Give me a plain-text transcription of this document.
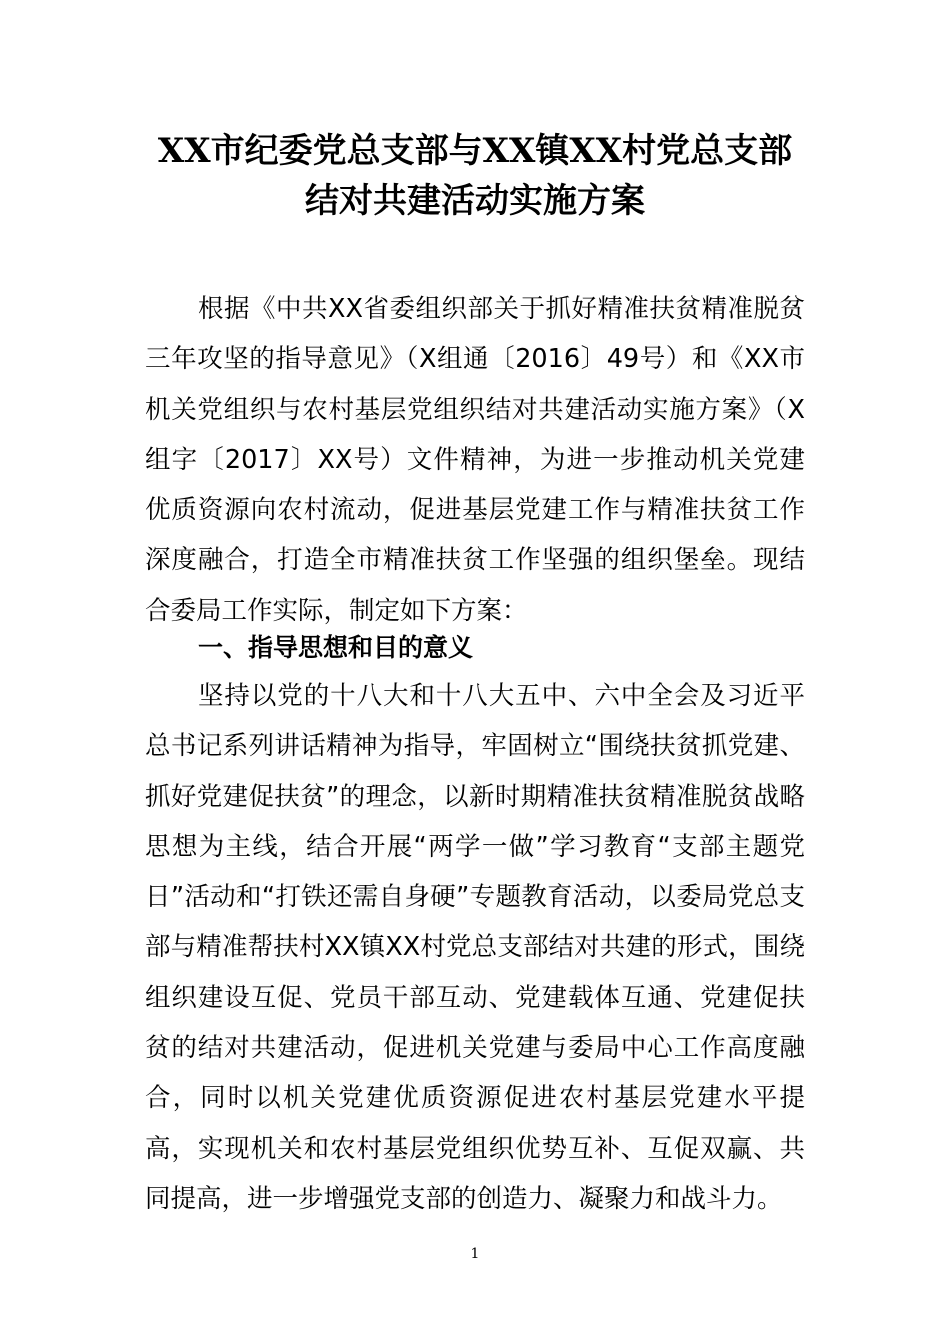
XX市纪委党总支部与XX镇XX村党总支部
结对共建活动实施方案

根据《中共XX省委组织部关于抓好精准扶贫精准脱贫三年攻坚的指导意见》（X组通〔2016〕49号）和《XX市机关党组织与农村基层党组织结对共建活动实施方案》（X组字〔2017〕XX号）文件精神，为进一步推动机关党建优质资源向农村流动，促进基层党建工作与精准扶贫工作深度融合，打造全市精准扶贫工作坚强的组织堡垒。现结合委局工作实际，制定如下方案：

一、指导思想和目的意义

坚持以党的十八大和十八大五中、六中全会及习近平总书记系列讲话精神为指导，牢固树立“围绕扶贫抓党建、抓好党建促扶贫”的理念，以新时期精准扶贫精准脱贫战略思想为主线，结合开展“两学一做”学习教育“支部主题党日”活动和“打铁还需自身硬”专题教育活动，以委局党总支部与精准帮扶村XX镇XX村党总支部结对共建的形式，围绕组织建设互促、党员干部互动、党建载体互通、党建促扶贫的结对共建活动，促进机关党建与委局中心工作高度融合，同时以机关党建优质资源促进农村基层党建水平提高，实现机关和农村基层党组织优势互补、互促双赢、共同提高，进一步增强党支部的创造力、凝聚力和战斗力。

1
